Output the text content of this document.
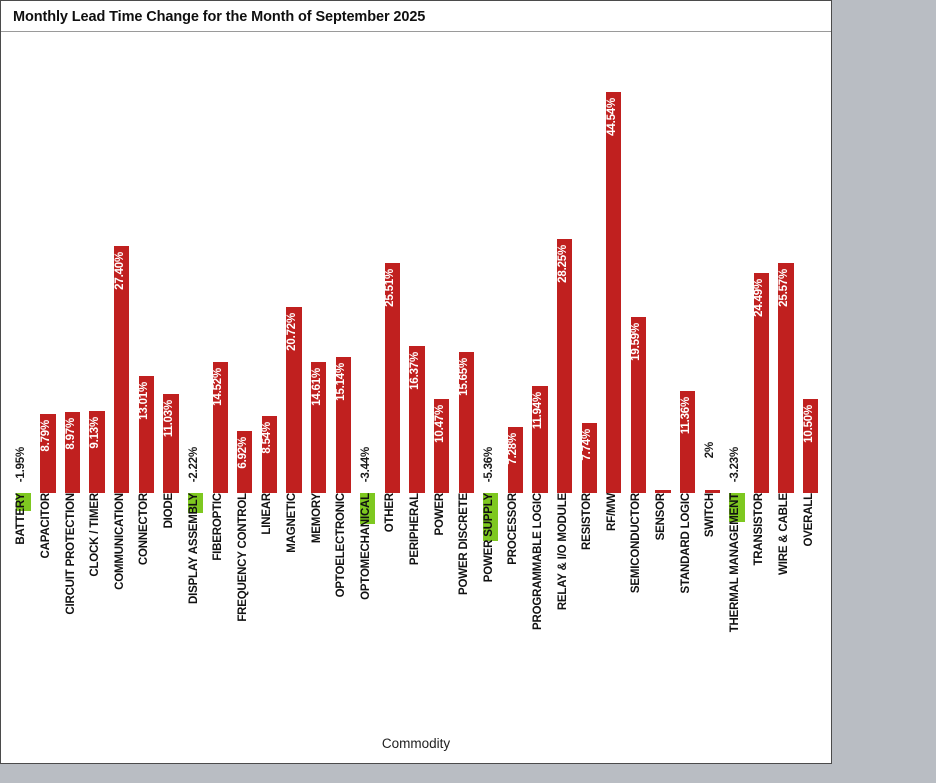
Monthly Lead Time Change for the Month of September 2025
-1.95%
8.79% 8.97% 9.13%
27.40%
13.01% 11.03%
-2.22%
14.52%
6.92% 8.54%
20.72%
14.61% 15.14%
-3.44%
25.51%
16.37%
10.47%
15.65%
-5.36% 7.28%
11.94%
28.25%
7.74%
44.54%
19.59%
11.36%
2% -3.23%
24.49% 25.57%
10.50%
BATTERY CAPACITOR CIRCUIT PROTECTION CLOCK / TIMER COMMUNICATION CONNECTOR DIODE DISPLAY ASSEMBLY FIBEROPTIC FREQUENCY CONTROL LINEAR MAGNETIC MEMORY OPTOELECTRONIC OPTOMECHANICAL OTHER PERIPHERAL POWER POWER DISCRETE POWER SUPPLY PROCESSOR PROGRAMMABLE LOGIC RELAY & I/O MODULE RESISTOR RF/MW SEMICONDUCTOR SENSOR STANDARD LOGIC SWITCH THERMAL MANAGEMENT TRANSISTOR WIRE & CABLE OVERALL
Commodity
